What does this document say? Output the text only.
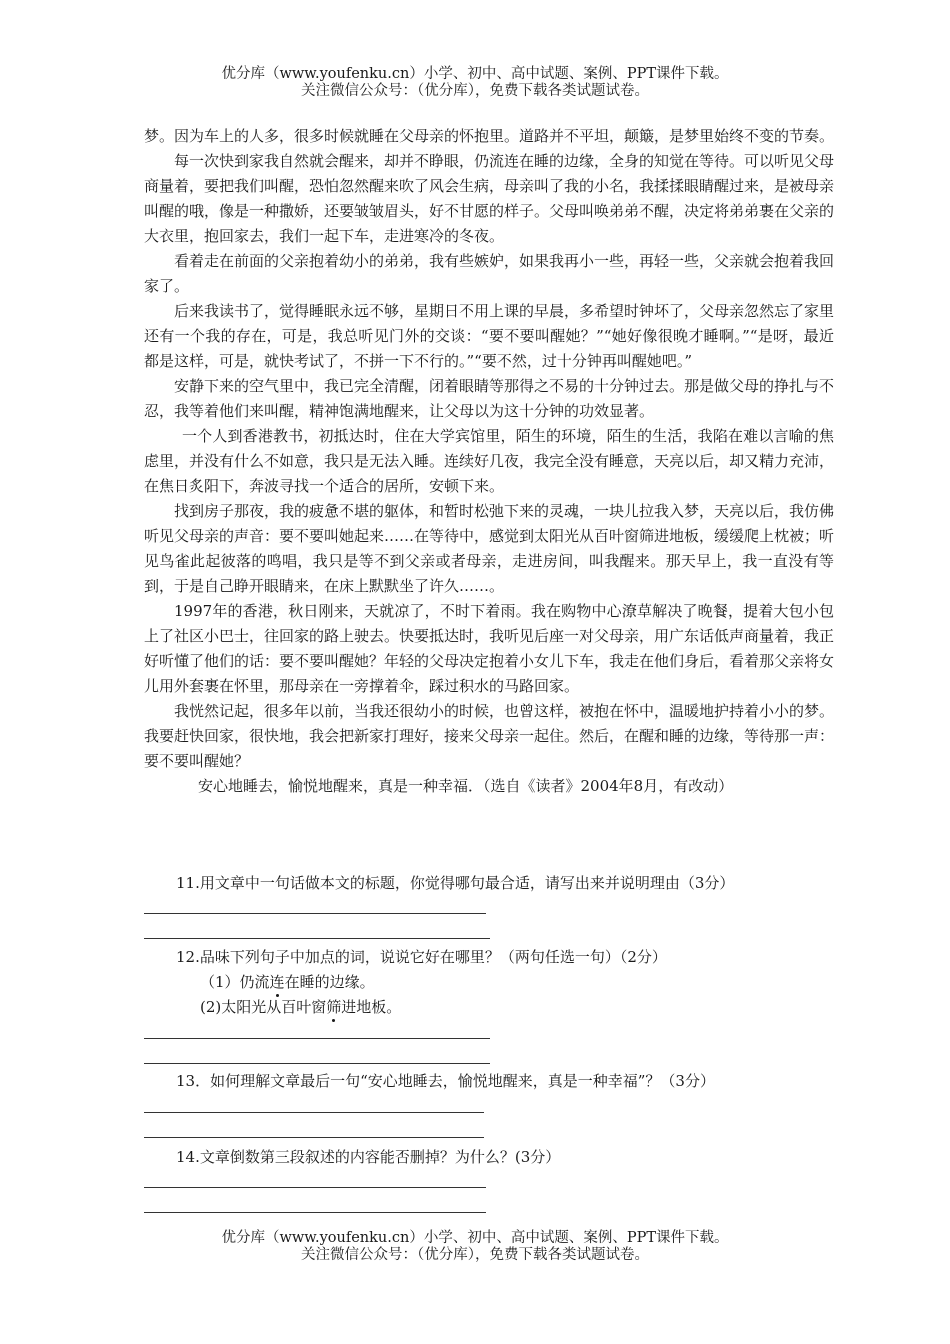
优分库（www.youfenku.cn）小学、初中、高中试题、案例、PPT课件下载。
关注微信公众号：（优分库），免费下载各类试题试卷。

梦。因为车上的人多，很多时候就睡在父母亲的怀抱里。道路并不平坦，颠簸，是梦里始终不变的节奏。

每一次快到家我自然就会醒来，却并不睁眼，仍流连在睡的边缘，全身的知觉在等待。可以听见父母商量着，要把我们叫醒，恐怕忽然醒来吹了风会生病，母亲叫了我的小名，我揉揉眼睛醒过来，是被母亲叫醒的哦，像是一种撒娇，还要皱皱眉头，好不甘愿的样子。父母叫唤弟弟不醒，决定将弟弟裹在父亲的大衣里，抱回家去，我们一起下车，走进寒冷的冬夜。

看着走在前面的父亲抱着幼小的弟弟，我有些嫉妒，如果我再小一些，再轻一些，父亲就会抱着我回家了。

后来我读书了，觉得睡眠永远不够，星期日不用上课的早晨，多希望时钟坏了，父母亲忽然忘了家里还有一个我的存在，可是，我总听见门外的交谈：“要不要叫醒她？”“她好像很晚才睡啊。”“是呀，最近都是这样，可是，就快考试了，不拼一下不行的。”“要不然，过十分钟再叫醒她吧。”

安静下来的空气里中，我已完全清醒，闭着眼睛等那得之不易的十分钟过去。那是做父母的挣扎与不忍，我等着他们来叫醒，精神饱满地醒来，让父母以为这十分钟的功效显著。

一个人到香港教书，初抵达时，住在大学宾馆里，陌生的环境，陌生的生活，我陷在难以言喻的焦虑里，并没有什么不如意，我只是无法入睡。连续好几夜，我完全没有睡意，天亮以后，却又精力充沛，在焦日炙阳下，奔波寻找一个适合的居所，安顿下来。

找到房子那夜，我的疲惫不堪的躯体，和暂时松弛下来的灵魂，一块儿拉我入梦，天亮以后，我仿佛听见父母亲的声音：要不要叫她起来……在等待中，感觉到太阳光从百叶窗筛进地板，缓缓爬上枕被；听见鸟雀此起彼落的鸣唱，我只是等不到父亲或者母亲，走进房间，叫我醒来。那天早上，我一直没有等到，于是自己睁开眼睛来，在床上默默坐了许久……。

1997年的香港，秋日刚来，天就凉了，不时下着雨。我在购物中心潦草解决了晚餐，提着大包小包上了社区小巴士，往回家的路上驶去。快要抵达时，我听见后座一对父母亲，用广东话低声商量着，我正好听懂了他们的话：要不要叫醒她？年轻的父母决定抱着小女儿下车，我走在他们身后，看着那父亲将女儿用外套裹在怀里，那母亲在一旁撑着伞，踩过积水的马路回家。

我恍然记起，很多年以前，当我还很幼小的时候，也曾这样，被抱在怀中，温暖地护持着小小的梦。我要赶快回家，很快地，我会把新家打理好，接来父母亲一起住。然后，在醒和睡的边缘，等待那一声：要不要叫醒她？

安心地睡去，愉悦地醒来，真是一种幸福．（选自《读者》2004年8月，有改动）

11.用文章中一句话做本文的标题，你觉得哪句最合适，请写出来并说明理由（3分）
12.品味下列句子中加点的词，说说它好在哪里？（两句任选一句）（2分）
（1）仍流连在睡的边缘。
(2)太阳光从百叶窗筛进地板。
13．如何理解文章最后一句“安心地睡去，愉悦地醒来，真是一种幸福”？（3分）
14.文章倒数第三段叙述的内容能否删掉？为什么？(3分）
优分库（www.youfenku.cn）小学、初中、高中试题、案例、PPT课件下载。
关注微信公众号：（优分库），免费下载各类试题试卷。
